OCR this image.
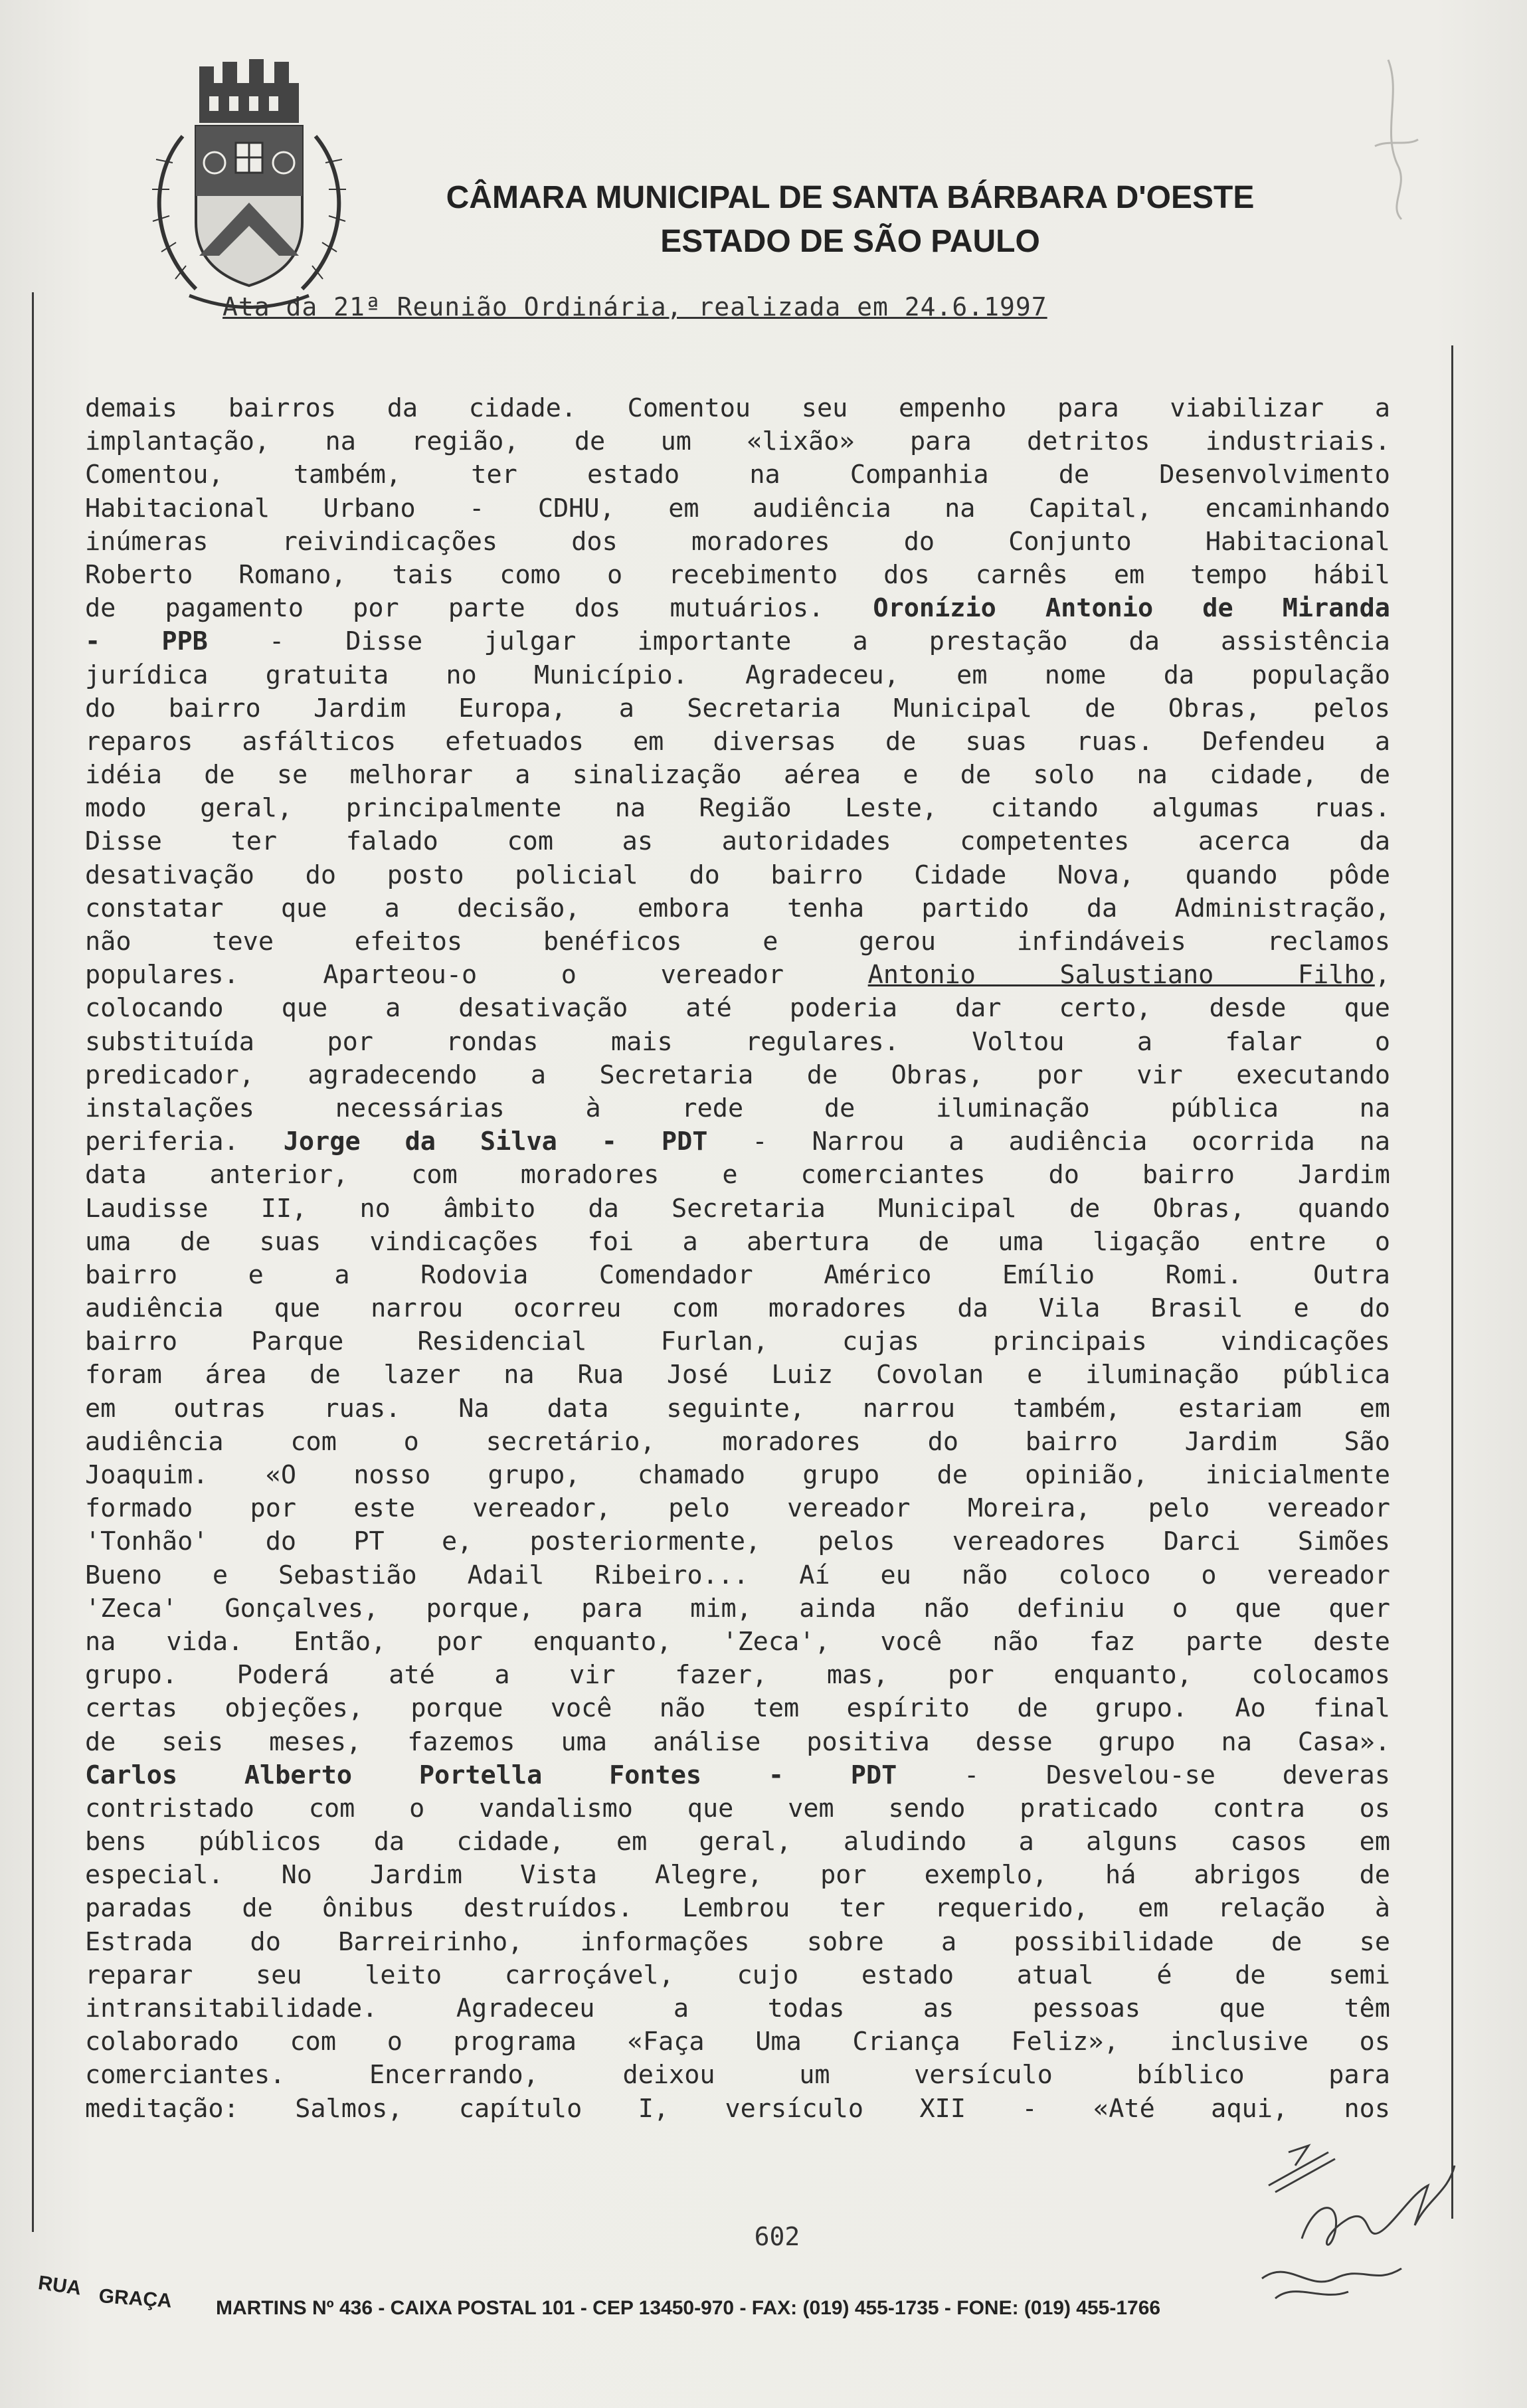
CÂMARA MUNICIPAL DE SANTA BÁRBARA D'OESTE
ESTADO DE SÃO PAULO
Ata da 21ª Reunião Ordinária, realizada em 24.6.1997
demais bairros da cidade. Comentou seu empenho para viabilizar a
implantação, na região, de um «lixão» para detritos industriais.
Comentou, também, ter estado na Companhia de Desenvolvimento
Habitacional Urbano - CDHU, em audiência na Capital, encaminhando
inúmeras reivindicações dos moradores do Conjunto Habitacional
Roberto Romano, tais como o recebimento dos carnês em tempo hábil
de pagamento por parte dos mutuários. Oronízio Antonio de Miranda
- PPB - Disse julgar importante a prestação da assistência
jurídica gratuita no Município. Agradeceu, em nome da população
do bairro Jardim Europa, a Secretaria Municipal de Obras, pelos
reparos asfálticos efetuados em diversas de suas ruas. Defendeu a
idéia de se melhorar a sinalização aérea e de solo na cidade, de
modo geral, principalmente na Região Leste, citando algumas ruas.
Disse ter falado com as autoridades competentes acerca da
desativação do posto policial do bairro Cidade Nova, quando pôde
constatar que a decisão, embora tenha partido da Administração,
não teve efeitos benéficos e gerou infindáveis reclamos
populares. Aparteou-o o vereador Antonio Salustiano Filho,
colocando que a desativação até poderia dar certo, desde que
substituída por rondas mais regulares. Voltou a falar o
predicador, agradecendo a Secretaria de Obras, por vir executando
instalações necessárias à rede de iluminação pública na
periferia. Jorge da Silva - PDT - Narrou a audiência ocorrida na
data anterior, com moradores e comerciantes do bairro Jardim
Laudisse II, no âmbito da Secretaria Municipal de Obras, quando
uma de suas vindicações foi a abertura de uma ligação entre o
bairro e a Rodovia Comendador Américo Emílio Romi. Outra
audiência que narrou ocorreu com moradores da Vila Brasil e do
bairro Parque Residencial Furlan, cujas principais vindicações
foram área de lazer na Rua José Luiz Covolan e iluminação pública
em outras ruas. Na data seguinte, narrou também, estariam em
audiência com o secretário, moradores do bairro Jardim São
Joaquim. «O nosso grupo, chamado grupo de opinião, inicialmente
formado por este vereador, pelo vereador Moreira, pelo vereador
'Tonhão' do PT e, posteriormente, pelos vereadores Darci Simões
Bueno e Sebastião Adail Ribeiro... Aí eu não coloco o vereador
'Zeca' Gonçalves, porque, para mim, ainda não definiu o que quer
na vida. Então, por enquanto, 'Zeca', você não faz parte deste
grupo. Poderá até a vir fazer, mas, por enquanto, colocamos
certas objeções, porque você não tem espírito de grupo. Ao final
de seis meses, fazemos uma análise positiva desse grupo na Casa».
Carlos Alberto Portella Fontes - PDT - Desvelou-se deveras
contristado com o vandalismo que vem sendo praticado contra os
bens públicos da cidade, em geral, aludindo a alguns casos em
especial. No Jardim Vista Alegre, por exemplo, há abrigos de
paradas de ônibus destruídos. Lembrou ter requerido, em relação à
Estrada do Barreirinho, informações sobre a possibilidade de se
reparar seu leito carroçável, cujo estado atual é de semi
intransitabilidade. Agradeceu a todas as pessoas que têm
colaborado com o programa «Faça Uma Criança Feliz», inclusive os
comerciantes. Encerrando, deixou um versículo bíblico para
meditação: Salmos, capítulo I, versículo XII - «Até aqui, nos
602
RUA GRAÇA MARTINS Nº 436 - CAIXA POSTAL 101 - CEP 13450-970 - FAX: (019) 455-1735 - FONE: (019) 455-1766
